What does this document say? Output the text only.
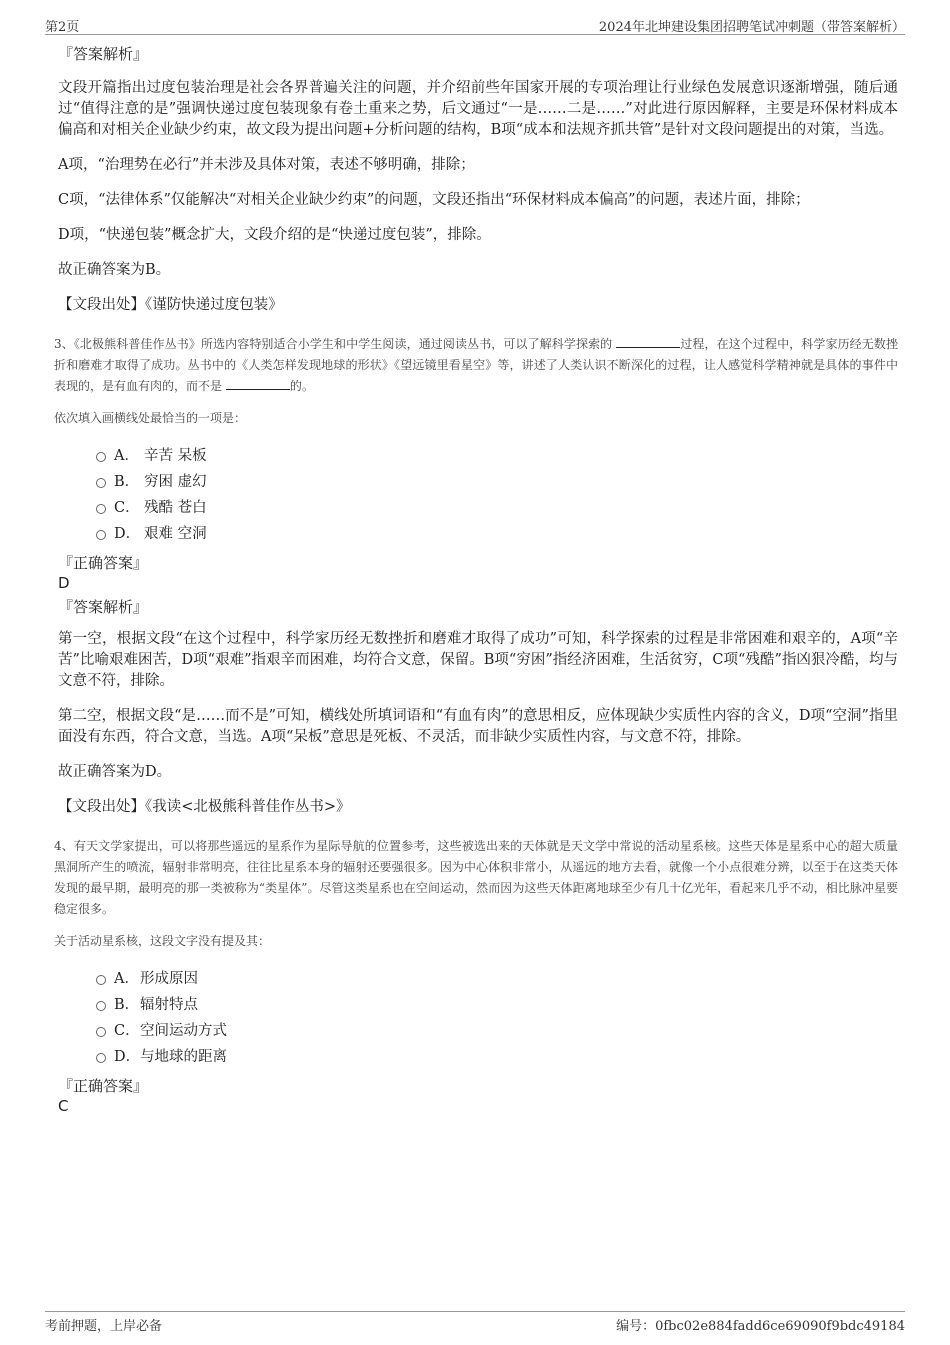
第2页	2024年北坤建设集团招聘笔试冲刺题（带答案解析）
『答案解析』

文段开篇指出过度包装治理是社会各界普遍关注的问题，并介绍前些年国家开展的专项治理让行业绿色发展意识逐渐增强，随后通过“值得注意的是”强调快递过度包装现象有卷土重来之势，后文通过“一是……二是……”对此进行原因解释，主要是环保材料成本偏高和对相关企业缺少约束，故文段为提出问题+分析问题的结构，B项“成本和法规齐抓共管”是针对文段问题提出的对策，当选。

A项，“治理势在必行”并未涉及具体对策，表述不够明确，排除；

C项，“法律体系”仅能解决“对相关企业缺少约束”的问题，文段还指出“环保材料成本偏高”的问题，表述片面，排除；

D项，“快递包装”概念扩大，文段介绍的是“快递过度包装”，排除。

故正确答案为B。

【文段出处】《谨防快递过度包装》

3、《北极熊科普佳作丛书》所选内容特别适合小学生和中学生阅读，通过阅读丛书，可以了解科学探索的	过程，在这个过程中，科学家历经无数挫折和磨难才取得了成功。丛书中的《人类怎样发现地球的形状》《望远镜里看星空》等，讲述了人类认识不断深化的过程，让人感觉科学精神就是具体的事件中表现的，是有血有肉的，而不是	的。
依次填入画横线处最恰当的一项是：
A． 辛苦 呆板
B． 穷困 虚幻
C． 残酷 苍白
D． 艰难 空洞
『正确答案』
D
『答案解析』

第一空，根据文段“在这个过程中，科学家历经无数挫折和磨难才取得了成功”可知，科学探索的过程是非常困难和艰辛的，A项“辛苦”比喻艰难困苦，D项“艰难”指艰辛而困难，均符合文意，保留。B项“穷困”指经济困难，生活贫穷，C项“残酷”指凶狠冷酷，均与文意不符，排除。

第二空，根据文段“是……而不是”可知，横线处所填词语和“有血有肉”的意思相反，应体现缺少实质性内容的含义，D项“空洞”指里面没有东西，符合文意，当选。A项“呆板”意思是死板、不灵活，而非缺少实质性内容，与文意不符，排除。

故正确答案为D。

【文段出处】《我读<北极熊科普佳作丛书>》

4、有天文学家提出，可以将那些遥远的星系作为星际导航的位置参考，这些被选出来的天体就是天文学中常说的活动星系核。这些天体是星系中心的超大质量黑洞所产生的喷流，辐射非常明亮，往往比星系本身的辐射还要强很多。因为中心体积非常小，从遥远的地方去看，就像一个小点很难分辨，以至于在这类天体发现的最早期，最明亮的那一类被称为“类星体”。尽管这类星系也在空间运动，然而因为这些天体距离地球至少有几十亿光年，看起来几乎不动，相比脉冲星要稳定很多。
关于活动星系核，这段文字没有提及其：
A． 形成原因
B． 辐射特点
C． 空间运动方式
D． 与地球的距离
『正确答案』
C
考前押题，上岸必备	编号：0fbc02e884fadd6ce69090f9bdc49184
